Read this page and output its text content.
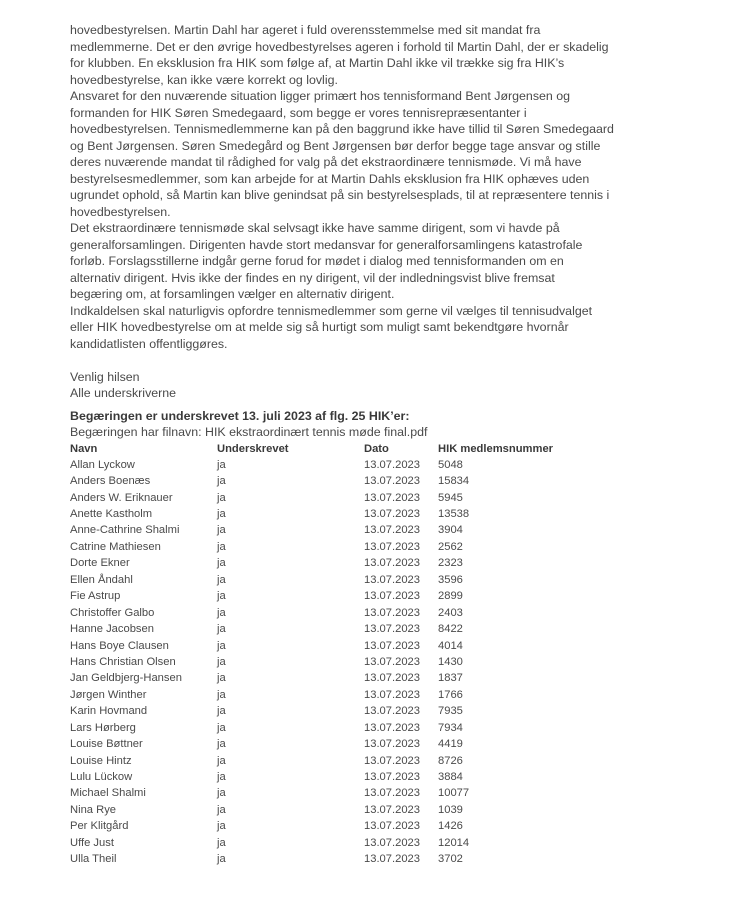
hovedbestyrelsen. Martin Dahl har ageret i fuld overensstemmelse med sit mandat fra
medlemmerne. Det er den øvrige hovedbestyrelses ageren i forhold til Martin Dahl, der er skadelig
for klubben. En eksklusion fra HIK som følge af, at Martin Dahl ikke vil trække sig fra HIK’s
hovedbestyrelse, kan ikke være korrekt og lovlig.
Ansvaret for den nuværende situation ligger primært hos tennisformand Bent Jørgensen og
formanden for HIK Søren Smedegaard, som begge er vores tennisrepræsentanter i
hovedbestyrelsen. Tennismedlemmerne kan på den baggrund ikke have tillid til Søren Smedegaard
og Bent Jørgensen. Søren Smedegård og Bent Jørgensen bør derfor begge tage ansvar og stille
deres nuværende mandat til rådighed for valg på det ekstraordinære tennismøde. Vi må have
bestyrelsesmedlemmer, som kan arbejde for at Martin Dahls eksklusion fra HIK ophæves uden
ugrundet ophold, så Martin kan blive genindsat på sin bestyrelsesplads, til at repræsentere tennis i
hovedbestyrelsen.
Det ekstraordinære tennismøde skal selvsagt ikke have samme dirigent, som vi havde på
generalforsamlingen. Dirigenten havde stort medansvar for generalforsamlingens katastrofale
forløb. Forslagsstillerne indgår gerne forud for mødet i dialog med tennisformanden om en
alternativ dirigent. Hvis ikke der findes en ny dirigent, vil der indledningsvist blive fremsat
begæring om, at forsamlingen vælger en alternativ dirigent.
Indkaldelsen skal naturligvis opfordre tennismedlemmer som gerne vil vælges til tennisudvalget
eller HIK hovedbestyrelse om at melde sig så hurtigt som muligt samt bekendtgøre hvornår
kandidatlisten offentliggøres.
Venlig hilsen
Alle underskriverne
Begæringen er underskrevet 13. juli 2023 af flg. 25 HIK’er:
Begæringen har filnavn: HIK ekstraordinært tennis møde final.pdf
Navn	Underskrevet	Dato	HIK medlemsnummer
Allan Lyckow	ja	13.07.2023	5048
Anders Boenæs	ja	13.07.2023	15834
Anders W. Eriknauer	ja	13.07.2023	5945
Anette Kastholm	ja	13.07.2023	13538
Anne-Cathrine Shalmi	ja	13.07.2023	3904
Catrine Mathiesen	ja	13.07.2023	2562
Dorte Ekner	ja	13.07.2023	2323
Ellen Åndahl	ja	13.07.2023	3596
Fie Astrup	ja	13.07.2023	2899
Christoffer Galbo	ja	13.07.2023	2403
Hanne Jacobsen	ja	13.07.2023	8422
Hans Boye Clausen	ja	13.07.2023	4014
Hans Christian Olsen	ja	13.07.2023	1430
Jan Geldbjerg-Hansen	ja	13.07.2023	1837
Jørgen Winther	ja	13.07.2023	1766
Karin Hovmand	ja	13.07.2023	7935
Lars Hørberg	ja	13.07.2023	7934
Louise Bøttner	ja	13.07.2023	4419
Louise Hintz	ja	13.07.2023	8726
Lulu Lückow	ja	13.07.2023	3884
Michael Shalmi	ja	13.07.2023	10077
Nina Rye	ja	13.07.2023	1039
Per Klitgård	ja	13.07.2023	1426
Uffe Just	ja	13.07.2023	12014
Ulla Theil	ja	13.07.2023	3702
